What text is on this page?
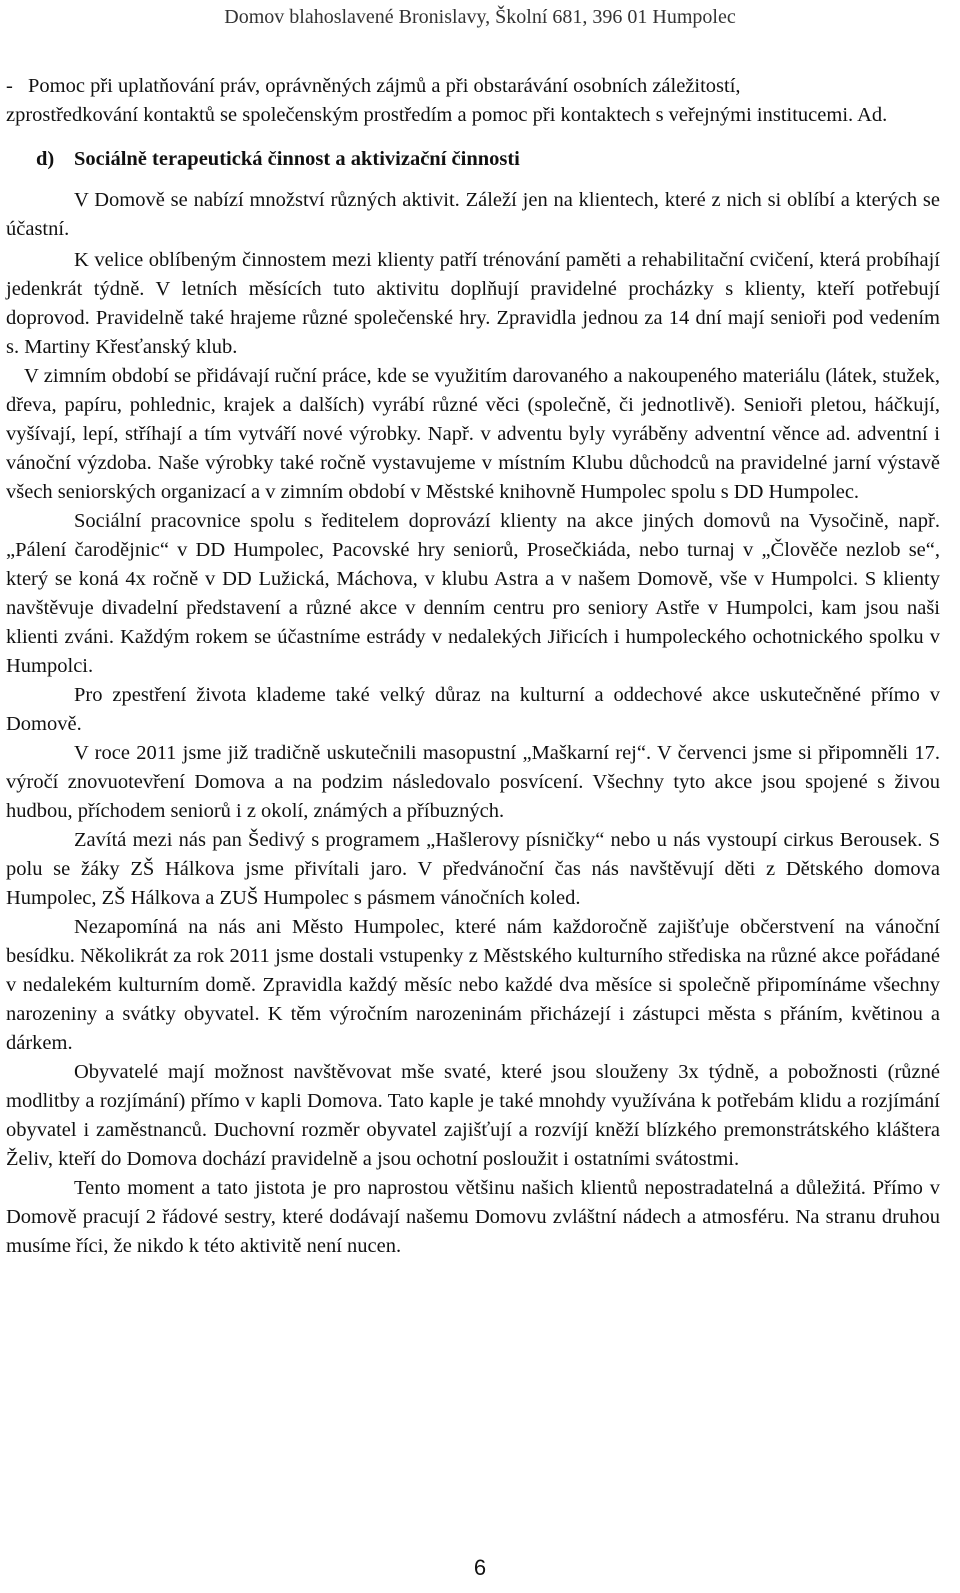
Domov blahoslavené Bronislavy, Školní 681, 396 01 Humpolec
- Pomoc při uplatňování práv, oprávněných zájmů a při obstarávání osobních záležitostí,

zprostředkování kontaktů se společenským prostředím a pomoc při kontaktech s veřejnými institucemi. Ad.

d) Sociálně terapeutická činnost a aktivizační činnosti

V Domově se nabízí množství různých aktivit. Záleží jen na klientech, které z nich si oblíbí a kterých se účastní.

K velice oblíbeným činnostem mezi klienty patří trénování paměti a rehabilitační cvičení, která probíhají jedenkrát týdně. V letních měsících tuto aktivitu doplňují pravidelné procházky s klienty, kteří potřebují doprovod. Pravidelně také hrajeme různé společenské hry. Zpravidla jednou za 14 dní mají senioři pod vedením s. Martiny Křesťanský klub.

V zimním období se přidávají ruční práce, kde se využitím darovaného a nakoupeného materiálu (látek, stužek, dřeva, papíru, pohlednic, krajek a dalších) vyrábí různé věci (společně, či jednotlivě). Senioři pletou, háčkují, vyšívají, lepí, stříhají a tím vytváří nové výrobky. Např. v adventu byly vyráběny adventní věnce ad. adventní i vánoční výzdoba. Naše výrobky také ročně vystavujeme v místním Klubu důchodců na pravidelné jarní výstavě všech seniorských organizací a v zimním období v Městské knihovně Humpolec spolu s DD Humpolec.

Sociální pracovnice spolu s ředitelem doprovází klienty na akce jiných domovů na Vysočině, např. „Pálení čarodějnic“ v DD Humpolec, Pacovské hry seniorů, Prosečkiáda, nebo turnaj v „Člověče nezlob se“, který se koná 4x ročně v DD Lužická, Máchova, v klubu Astra a v našem Domově, vše v Humpolci. S klienty navštěvuje divadelní představení a různé akce v denním centru pro seniory Astře v Humpolci, kam jsou naši klienti zváni. Každým rokem se účastníme estrády v nedalekých Jiřicích i humpoleckého ochotnického spolku v Humpolci.

Pro zpestření života klademe také velký důraz na kulturní a oddechové akce uskutečněné přímo v Domově.

V roce 2011 jsme již tradičně uskutečnili masopustní „Maškarní rej“. V červenci jsme si připomněli 17. výročí znovuotevření Domova a na podzim následovalo posvícení. Všechny tyto akce jsou spojené s živou hudbou, příchodem seniorů i z okolí, známých a příbuzných.

Zavítá mezi nás pan Šedivý s programem „Hašlerovy písničky“ nebo u nás vystoupí cirkus Berousek. S polu se žáky ZŠ Hálkova jsme přivítali jaro. V předvánoční čas nás navštěvují děti z Dětského domova Humpolec, ZŠ Hálkova a ZUŠ Humpolec s pásmem vánočních koled.

Nezapomíná na nás ani Město Humpolec, které nám každoročně zajišťuje občerstvení na vánoční besídku. Několikrát za rok 2011 jsme dostali vstupenky z Městského kulturního střediska na různé akce pořádané v nedalekém kulturním domě. Zpravidla každý měsíc nebo každé dva měsíce si společně připomínáme všechny narozeniny a svátky obyvatel. K těm výročním narozeninám přicházejí i zástupci města s přáním, květinou a dárkem.

Obyvatelé mají možnost navštěvovat mše svaté, které jsou slouženy 3x týdně, a pobožnosti (různé modlitby a rozjímání) přímo v kapli Domova. Tato kaple je také mnohdy využívána k potřebám klidu a rozjímání obyvatel i zaměstnanců. Duchovní rozměr obyvatel zajišťují a rozvíjí kněží blízkého premonstrátského kláštera Želiv, kteří do Domova dochází pravidelně a jsou ochotní posloužit i ostatními svátostmi.

Tento moment a tato jistota je pro naprostou většinu našich klientů nepostradatelná a důležitá. Přímo v Domově pracují 2 řádové sestry, které dodávají našemu Domovu zvláštní nádech a atmosféru. Na stranu druhou musíme říci, že nikdo k této aktivitě není nucen.

6
